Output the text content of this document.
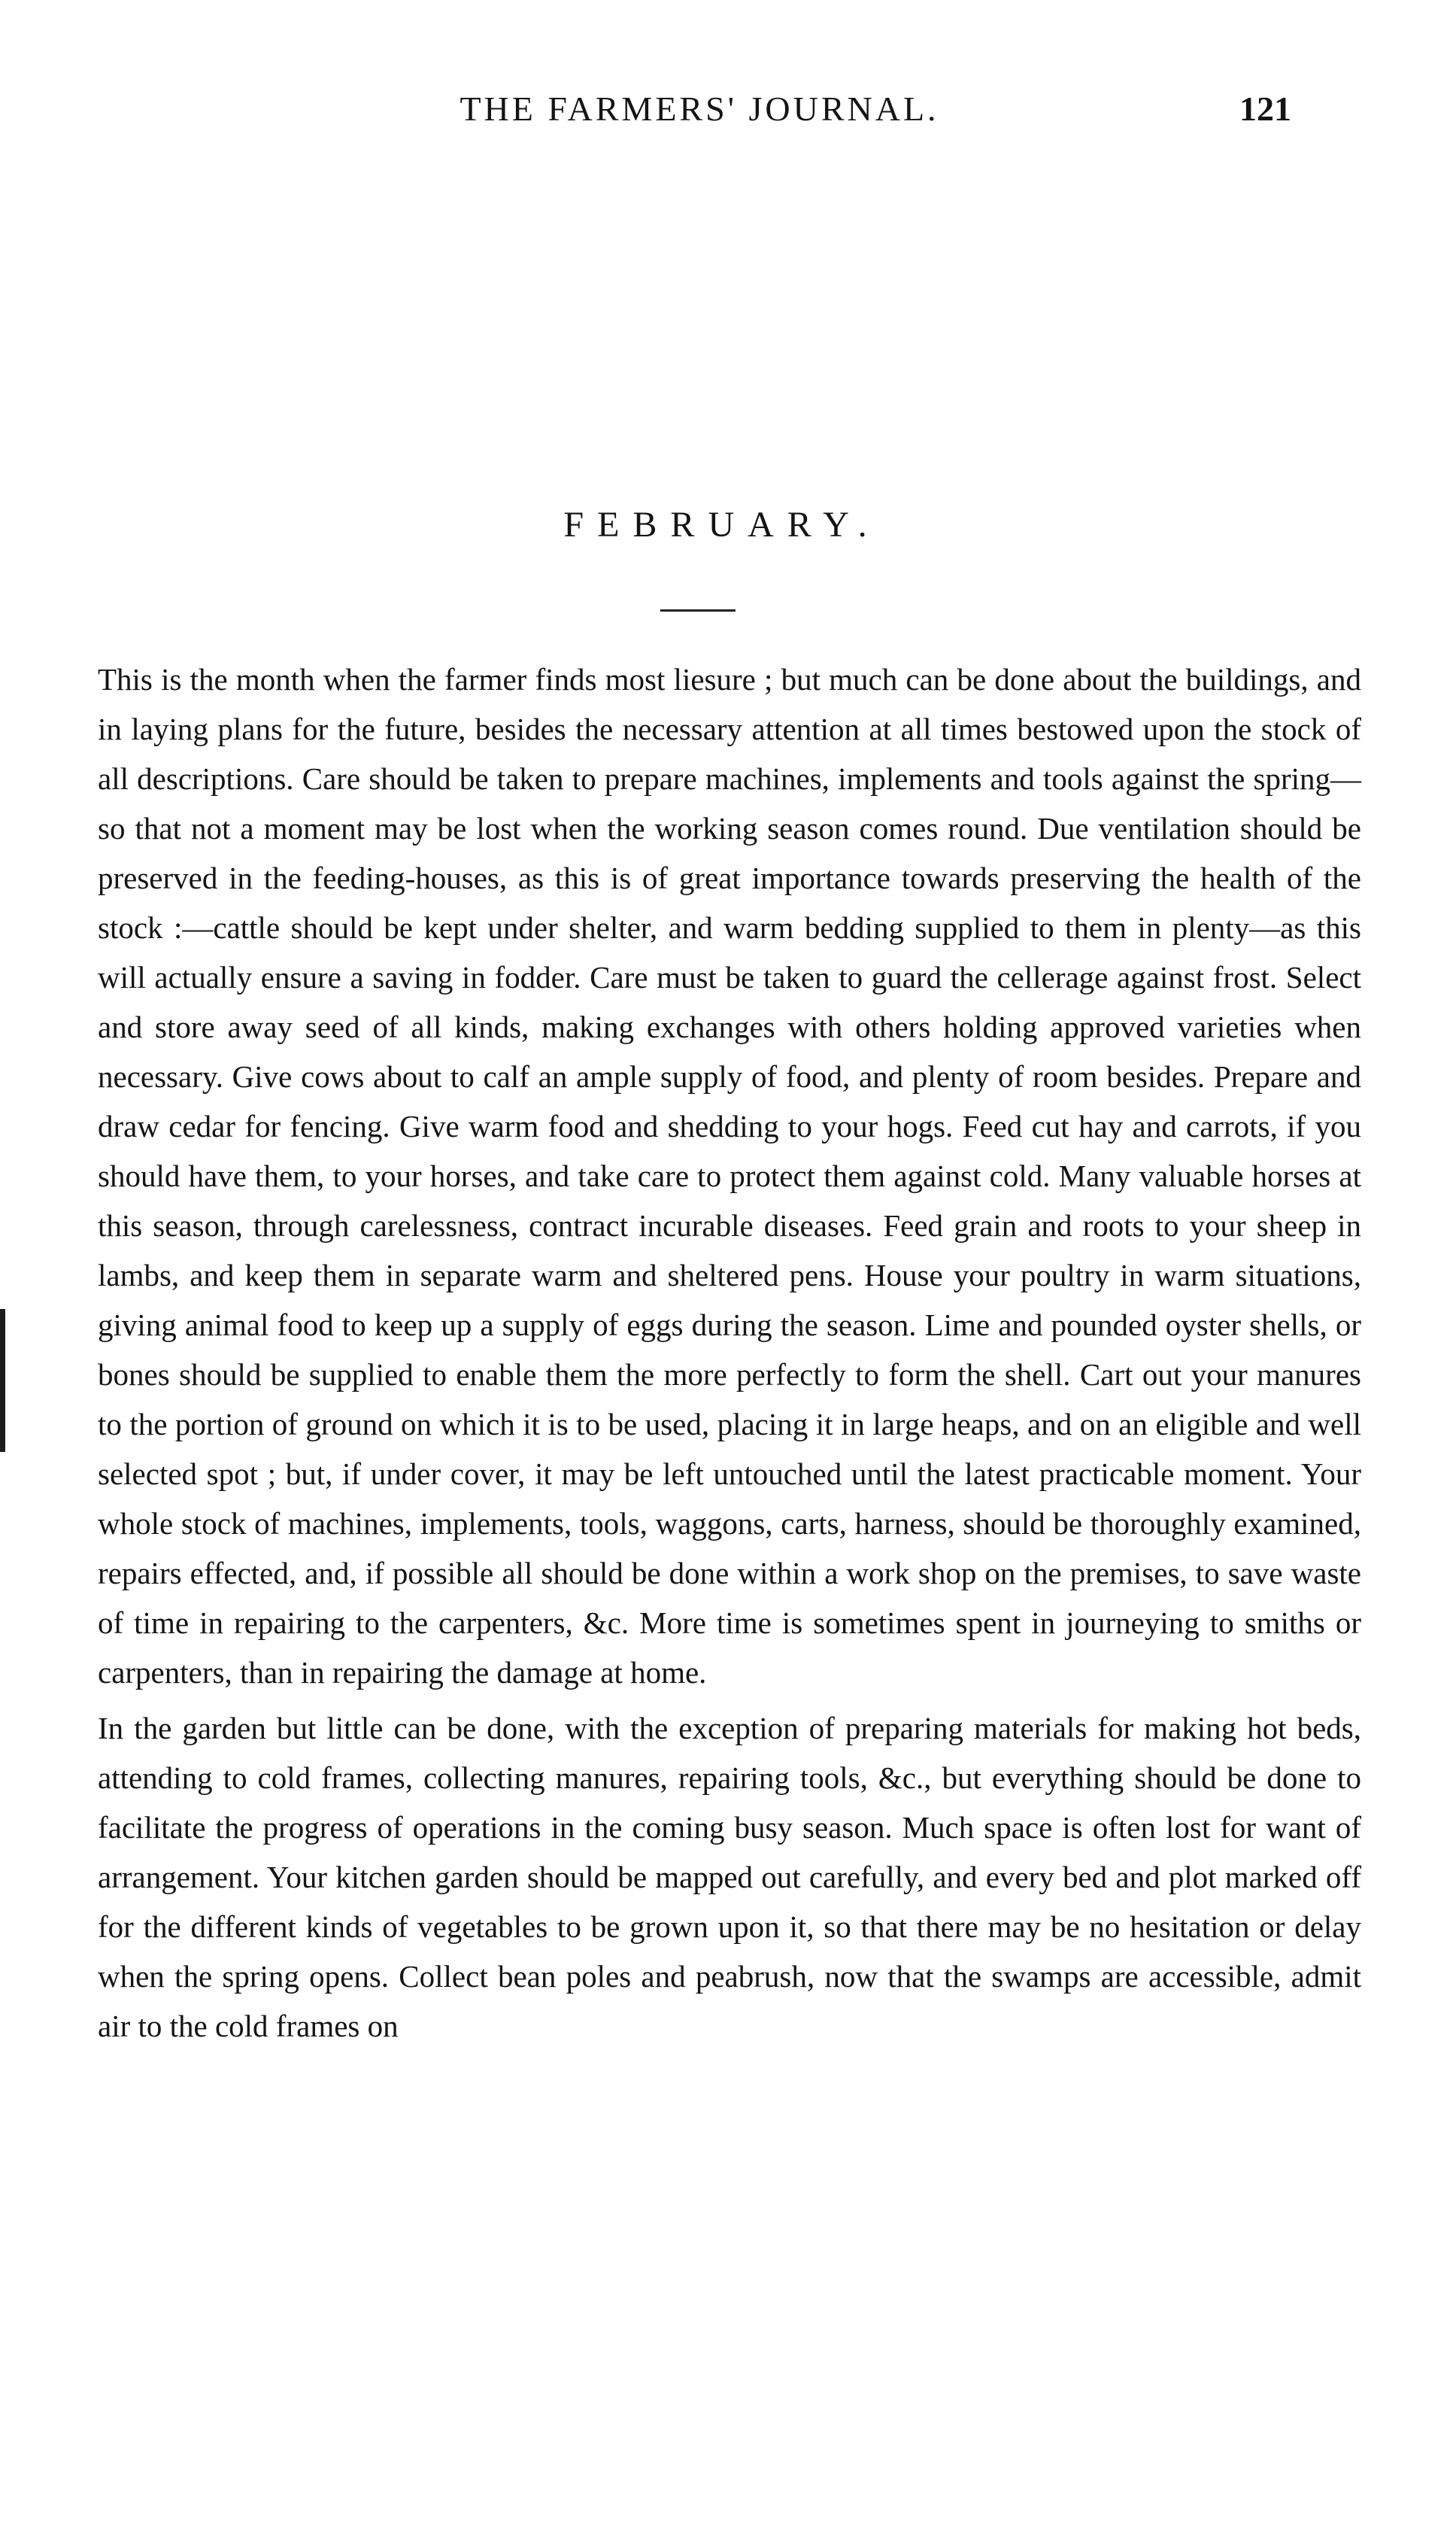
THE FARMERS' JOURNAL.	121
FEBRUARY.

This is the month when the farmer finds most liesure ; but much can be done about the buildings, and in laying plans for the future, besides the necessary attention at all times bestowed upon the stock of all descriptions. Care should be taken to prepare machines, implements and tools against the spring—so that not a moment may be lost when the working season comes round. Due ventilation should be preserved in the feeding-houses, as this is of great importance towards preserving the health of the stock :—cattle should be kept under shelter, and warm bedding supplied to them in plenty—as this will actually ensure a saving in fodder. Care must be taken to guard the cellerage against frost. Select and store away seed of all kinds, making exchanges with others holding approved varieties when necessary. Give cows about to calf an ample supply of food, and plenty of room besides. Prepare and draw cedar for fencing. Give warm food and shedding to your hogs. Feed cut hay and carrots, if you should have them, to your horses, and take care to protect them against cold. Many valuable horses at this season, through carelessness, contract incurable diseases. Feed grain and roots to your sheep in lambs, and keep them in separate warm and sheltered pens. House your poultry in warm situations, giving animal food to keep up a supply of eggs during the season. Lime and pounded oyster shells, or bones should be supplied to enable them the more perfectly to form the shell. Cart out your manures to the portion of ground on which it is to be used, placing it in large heaps, and on an eligible and well selected spot ; but, if under cover, it may be left untouched until the latest practicable moment. Your whole stock of machines, implements, tools, waggons, carts, harness, should be thoroughly examined, repairs effected, and, if possible all should be done within a work shop on the premises, to save waste of time in repairing to the carpenters, &c. More time is sometimes spent in journeying to smiths or carpenters, than in repairing the damage at home.

In the garden but little can be done, with the exception of preparing materials for making hot beds, attending to cold frames, collecting manures, repairing tools, &c., but everything should be done to facilitate the progress of operations in the coming busy season. Much space is often lost for want of arrangement. Your kitchen garden should be mapped out carefully, and every bed and plot marked off for the different kinds of vegetables to be grown upon it, so that there may be no hesitation or delay when the spring opens. Collect bean poles and peabrush, now that the swamps are accessible, admit air to the cold frames on
